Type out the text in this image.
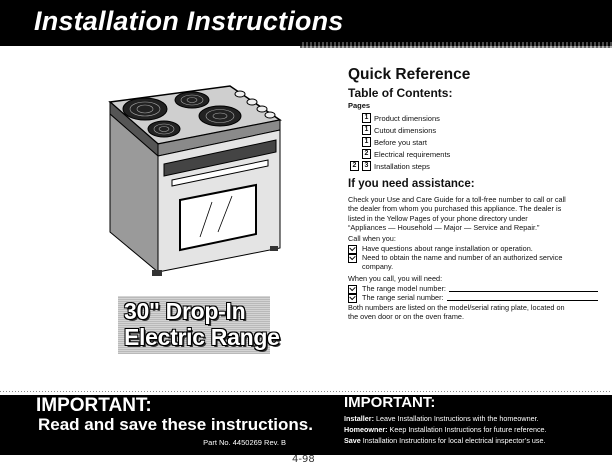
Installation Instructions
30" Drop-In
Electric Range
Quick Reference
Table of Contents:
Pages
1 Product dimensions
1 Cutout dimensions
1 Before you start
2 Electrical requirements
2	3 Installation steps
If you need assistance:
Check your Use and Care Guide for a toll-free number to call or call
the dealer from whom you purchased this appliance. The dealer is
listed in the Yellow Pages of your phone directory under
“Appliances — Household — Major — Service and Repair.”
Call when you:
Have questions about range installation or operation.
Need to obtain the name and number of an authorized service
company.
When you call, you will need:
The range model number:
The range serial number:
Both numbers are listed on the model/serial rating plate, located on
the oven door or on the oven frame.
IMPORTANT:
Read and save these instructions.
Part No. 4450269 Rev. B
IMPORTANT:
Installer: Leave Installation Instructions with the homeowner.
Homeowner: Keep Installation Instructions for future reference.
Save Installation Instructions for local electrical inspector’s use.
4-98
